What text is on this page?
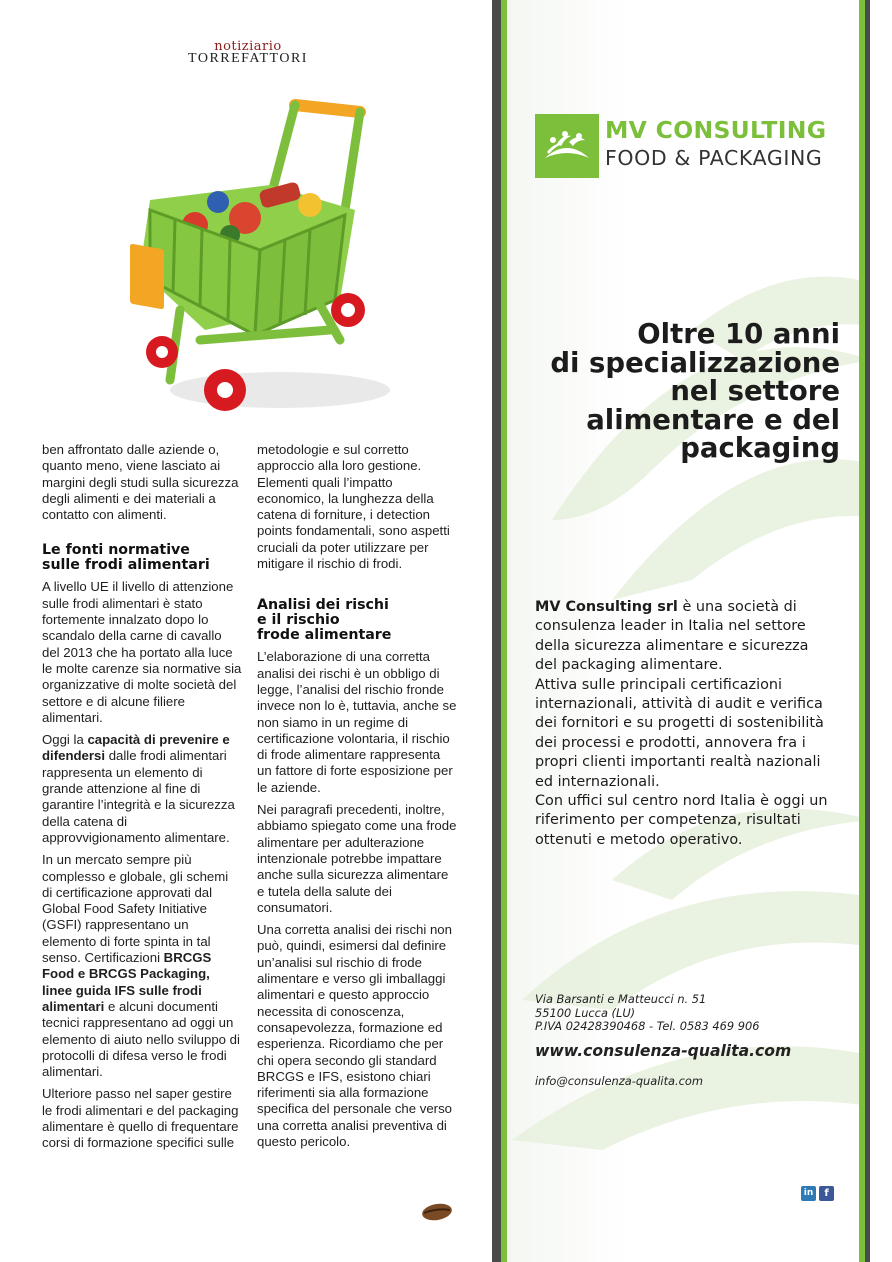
notiziario
TORREFATTORI

ben affrontato dalle aziende o, quanto meno, viene lasciato ai margini degli studi sulla sicurezza degli alimenti e dei materiali a contatto con alimenti.

Le fonti normative
sulle frodi alimentari

A livello UE il livello di attenzione sulle frodi alimentari è stato fortemente innalzato dopo lo scandalo della carne di cavallo del 2013 che ha portato alla luce le molte carenze sia normative sia organizzative di molte società del settore e di alcune filiere alimentari.

Oggi la capacità di prevenire e difendersi dalle frodi alimentari rappresenta un elemento di grande attenzione al fine di garantire l’integrità e la sicurezza della catena di approvvigionamento alimentare.

In un mercato sempre più complesso e globale, gli schemi di certificazione approvati dal Global Food Safety Initiative (GSFI) rappresentano un elemento di forte spinta in tal senso. Certificazioni BRCGS Food e BRCGS Packaging, linee guida IFS sulle frodi alimentari e alcuni documenti tecnici rappresentano ad oggi un elemento di aiuto nello sviluppo di protocolli di difesa verso le frodi alimentari.

Ulteriore passo nel saper gestire le frodi alimentari e del packaging alimentare è quello di frequentare corsi di formazione specifici sulle

metodologie e sul corretto approccio alla loro gestione. Elementi quali l’impatto economico, la lunghezza della catena di forniture, i detection points fondamentali, sono aspetti cruciali da poter utilizzare per mitigare il rischio di frodi.

Analisi dei rischi
e il rischio
frode alimentare

L’elaborazione di una corretta analisi dei rischi è un obbligo di legge, l’analisi del rischio fronde invece non lo è, tuttavia, anche se non siamo in un regime di certificazione volontaria, il rischio di frode alimentare rappresenta un fattore di forte esposizione per le aziende.

Nei paragrafi precedenti, inoltre, abbiamo spiegato come una frode alimentare per adulterazione intenzionale potrebbe impattare anche sulla sicurezza alimentare e tutela della salute dei consumatori.

Una corretta analisi dei rischi non può, quindi, esimersi dal definire un’analisi sul rischio di frode alimentare e verso gli imballaggi alimentari e questo approccio necessita di conoscenza, consapevolezza, formazione ed esperienza. Ricordiamo che per chi opera secondo gli standard BRCGS e IFS, esistono chiari riferimenti sia alla formazione specifica del personale che verso una corretta analisi preventiva di questo pericolo.

MV CONSULTING
FOOD & PACKAGING
Oltre 10 anni
di specializzazione
nel settore
alimentare e del
packaging
MV Consulting srl è una società di consulenza leader in Italia nel settore della sicurezza alimentare e sicurezza del packaging alimentare.
Attiva sulle principali certificazioni internazionali, attività di audit e verifica dei fornitori e su progetti di sostenibilità dei processi e prodotti, annovera fra i propri clienti importanti realtà nazionali ed internazionali.
Con uffici sul centro nord Italia è oggi un riferimento per competenza, risultati ottenuti e metodo operativo.
Via Barsanti e Matteucci n. 51
55100 Lucca (LU)
P.IVA 02428390468 - Tel. 0583 469 906
www.consulenza-qualita.com
info@consulenza-qualita.com
in	f
